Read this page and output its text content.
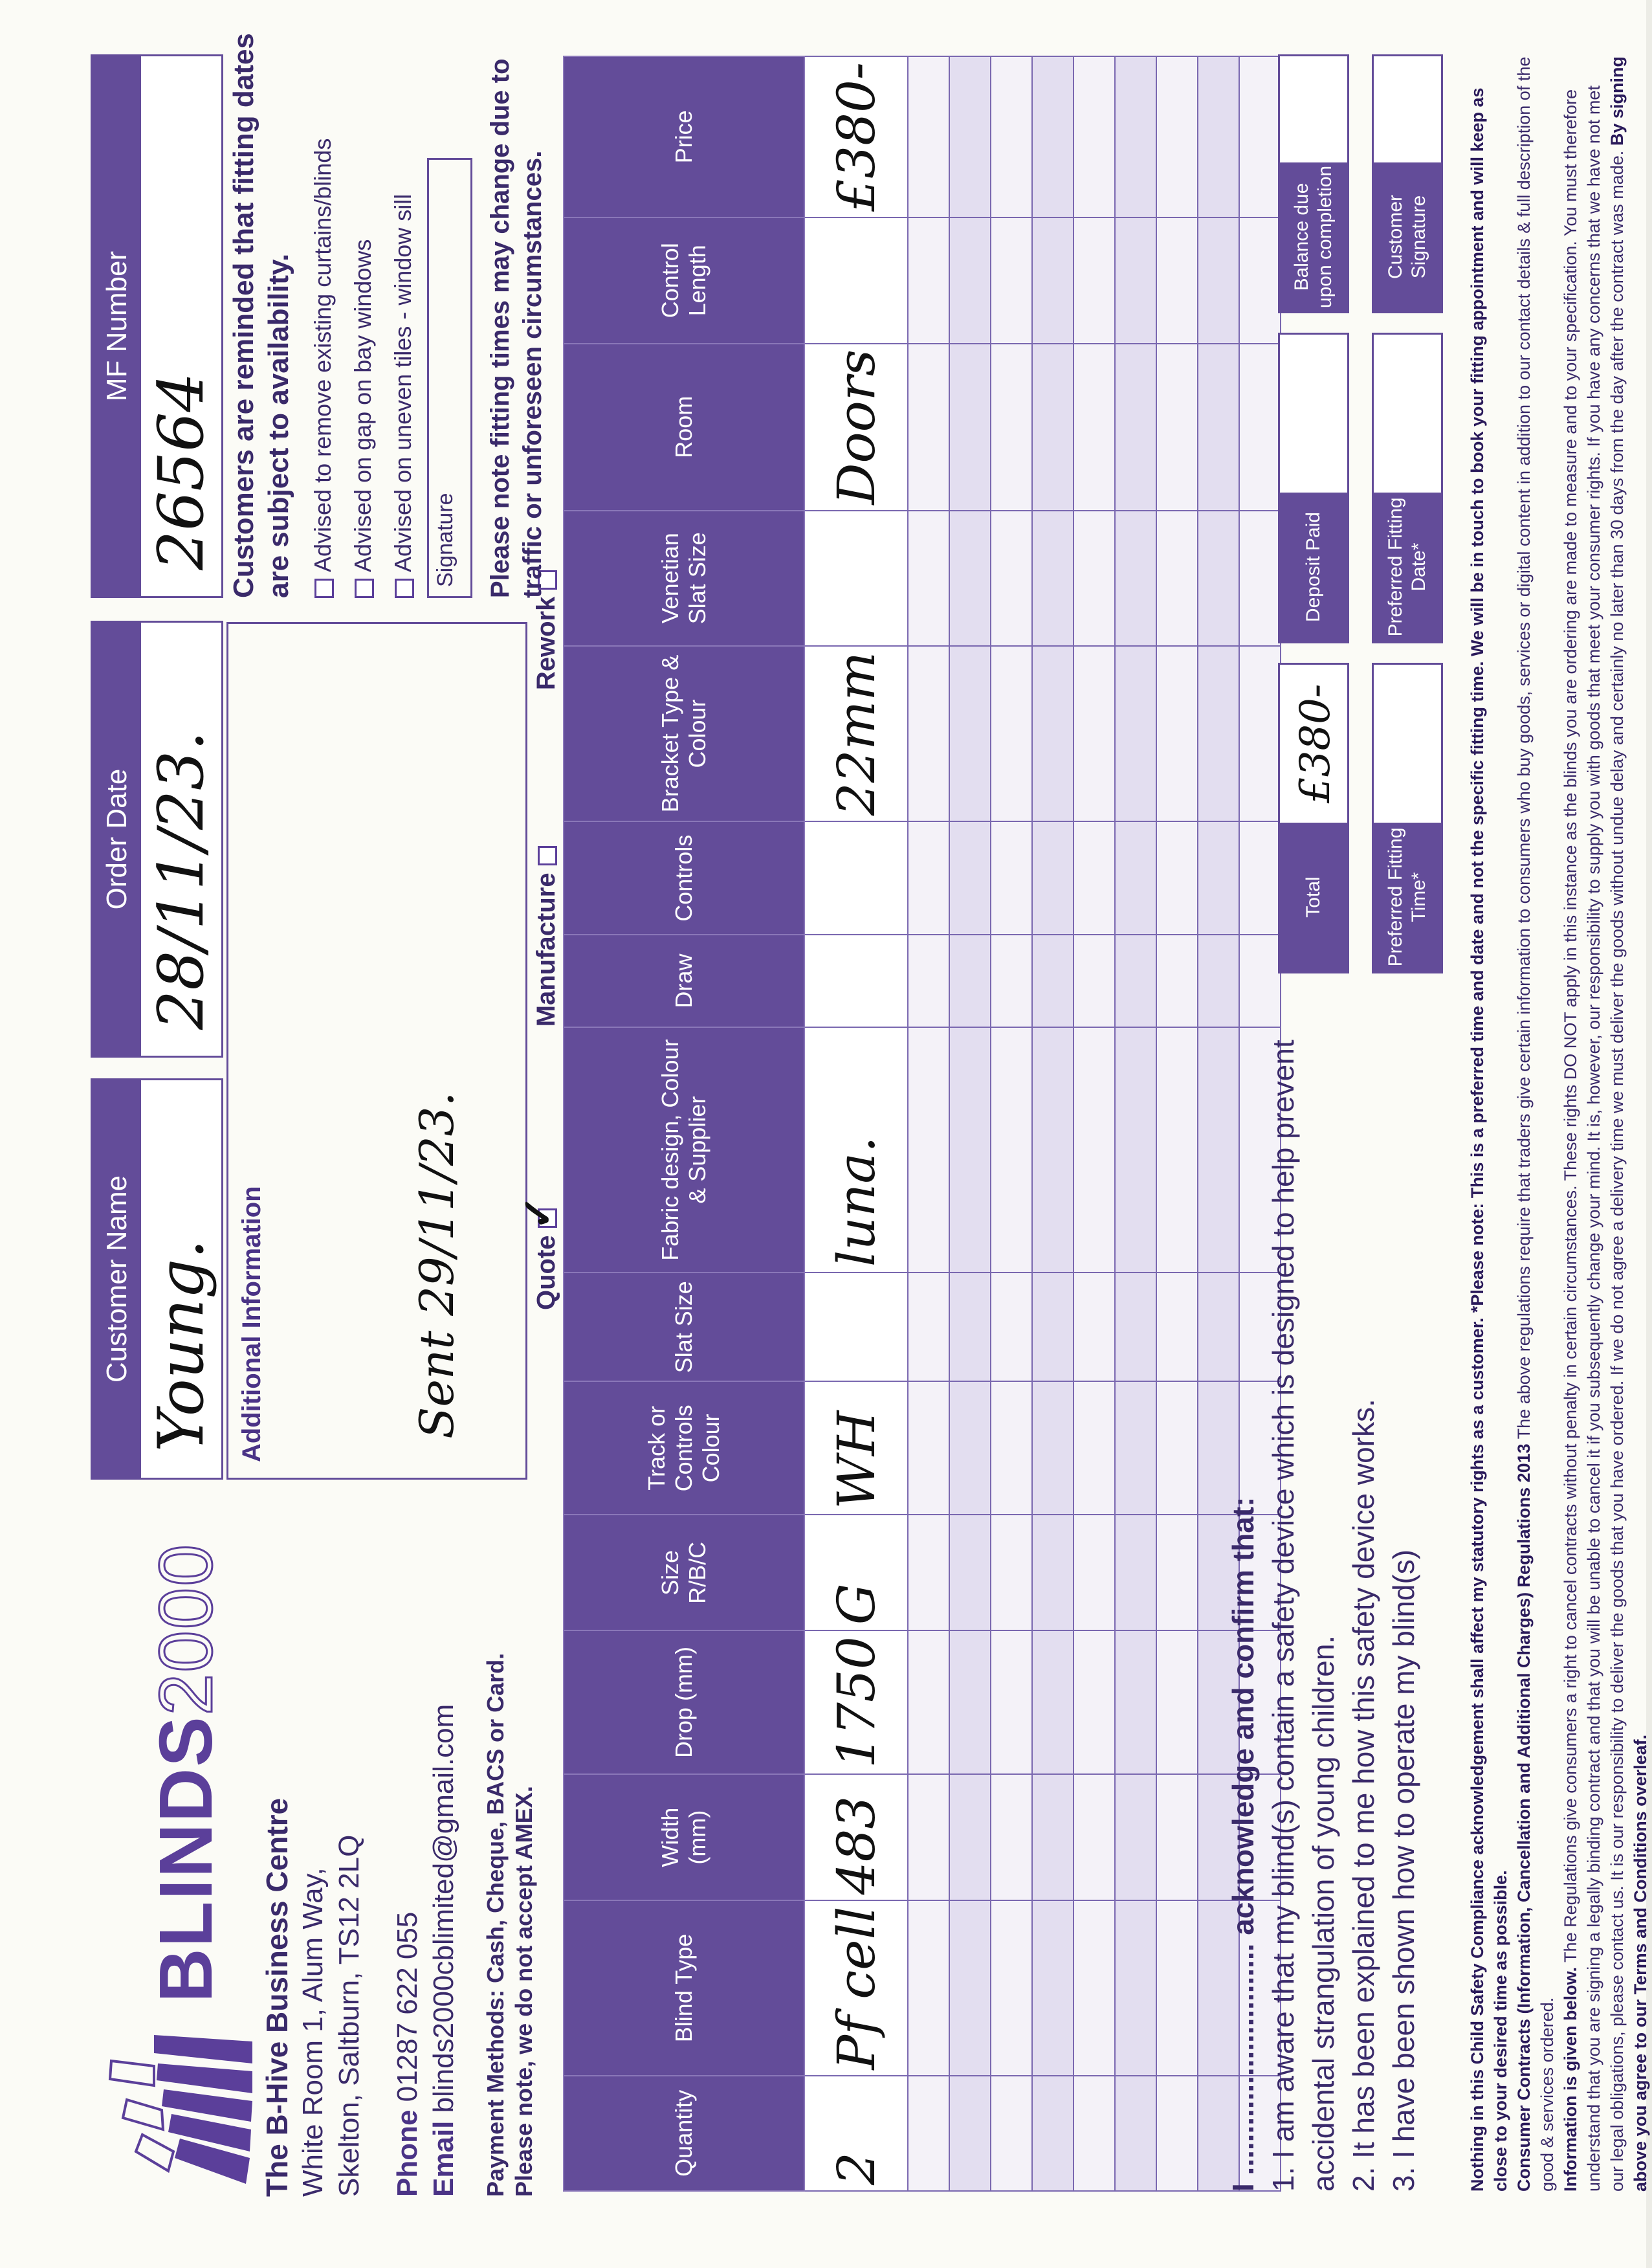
BLINDS2000
The B-Hive Business Centre White Room 1, Alum Way, Skelton, Saltburn, TS12 2LQ Phone 01287 622 055
Email blinds2000cblimited@gmail.com Payment Methods: Cash, Cheque, BACS or Card. Please note, we do not accept AMEX.
Customer Name Young.
Order Date 28/11/23.
MF Number
26564
Additional Information	Sent 29/11/23.	Quote
✓
Manufacture  Rework
Customers are reminded that fitting dates are subject to availability. Advised to remove existing curtains/blinds Advised on gap on bay windows Advised on uneven tiles - window sill Signature	Please note fitting times may change due to traffic or unforeseen circumstances.
Quantity	Blind Type	Width (mm)	Drop (mm)	Size R/B/C	Track or Controls Colour	Slat Size	Fabric design, Colour & Supplier	Draw	Controls	Bracket Type & Colour	Venetian Slat Size	Room	Control Length	Price
2	Pf cell	483	1750	G	WH		luna.			22mm		Doors		£380-

I ............................ acknowledge and confirm that: 1. I am aware that my blind(s) contain a safety device which is designed to help prevent accidental strangulation of young children. 2. It has been explained to me how this safety device works. 3. I have been shown how to operate my blind(s)
Total
£380-
Deposit Paid
Balance due upon completion
Preferred Fitting Time*
Preferred Fitting Date*
Customer Signature
Nothing in this Child Safety Compliance acknowledgement shall affect my statutory rights as a customer. *Please note: This is a preferred time and date and not the specific fitting time. We will be in touch to book your fitting appointment and will keep as close to your desired time as possible. Consumer Contracts (Information, Cancellation and Additional Charges) Regulations 2013 The above regulations require that traders give certain information to consumers who buy goods, services or digital content in addition to our contact details & full description of the good & services ordered. Information is given below. The Regulations give consumers a right to cancel contracts without penalty in certain circumstances. These rights DO NOT apply in this instance as the blinds you are ordering are made to measure and to your specification. You must therefore understand that you are signing a legally binding contract and that you will be unable to cancel it if you subsequently change your mind. It is, however, our responsibility to supply you with goods that meet your consumer rights. If you have any concerns that we have not met our legal obligations, please contact us. It is our responsibility to deliver the goods that you have ordered. If we do not agree a delivery time we must deliver the goods without undue delay and certainly no later than 30 days from the day after the contract was made. By signing above you agree to our Terms and Conditions overleaf.
